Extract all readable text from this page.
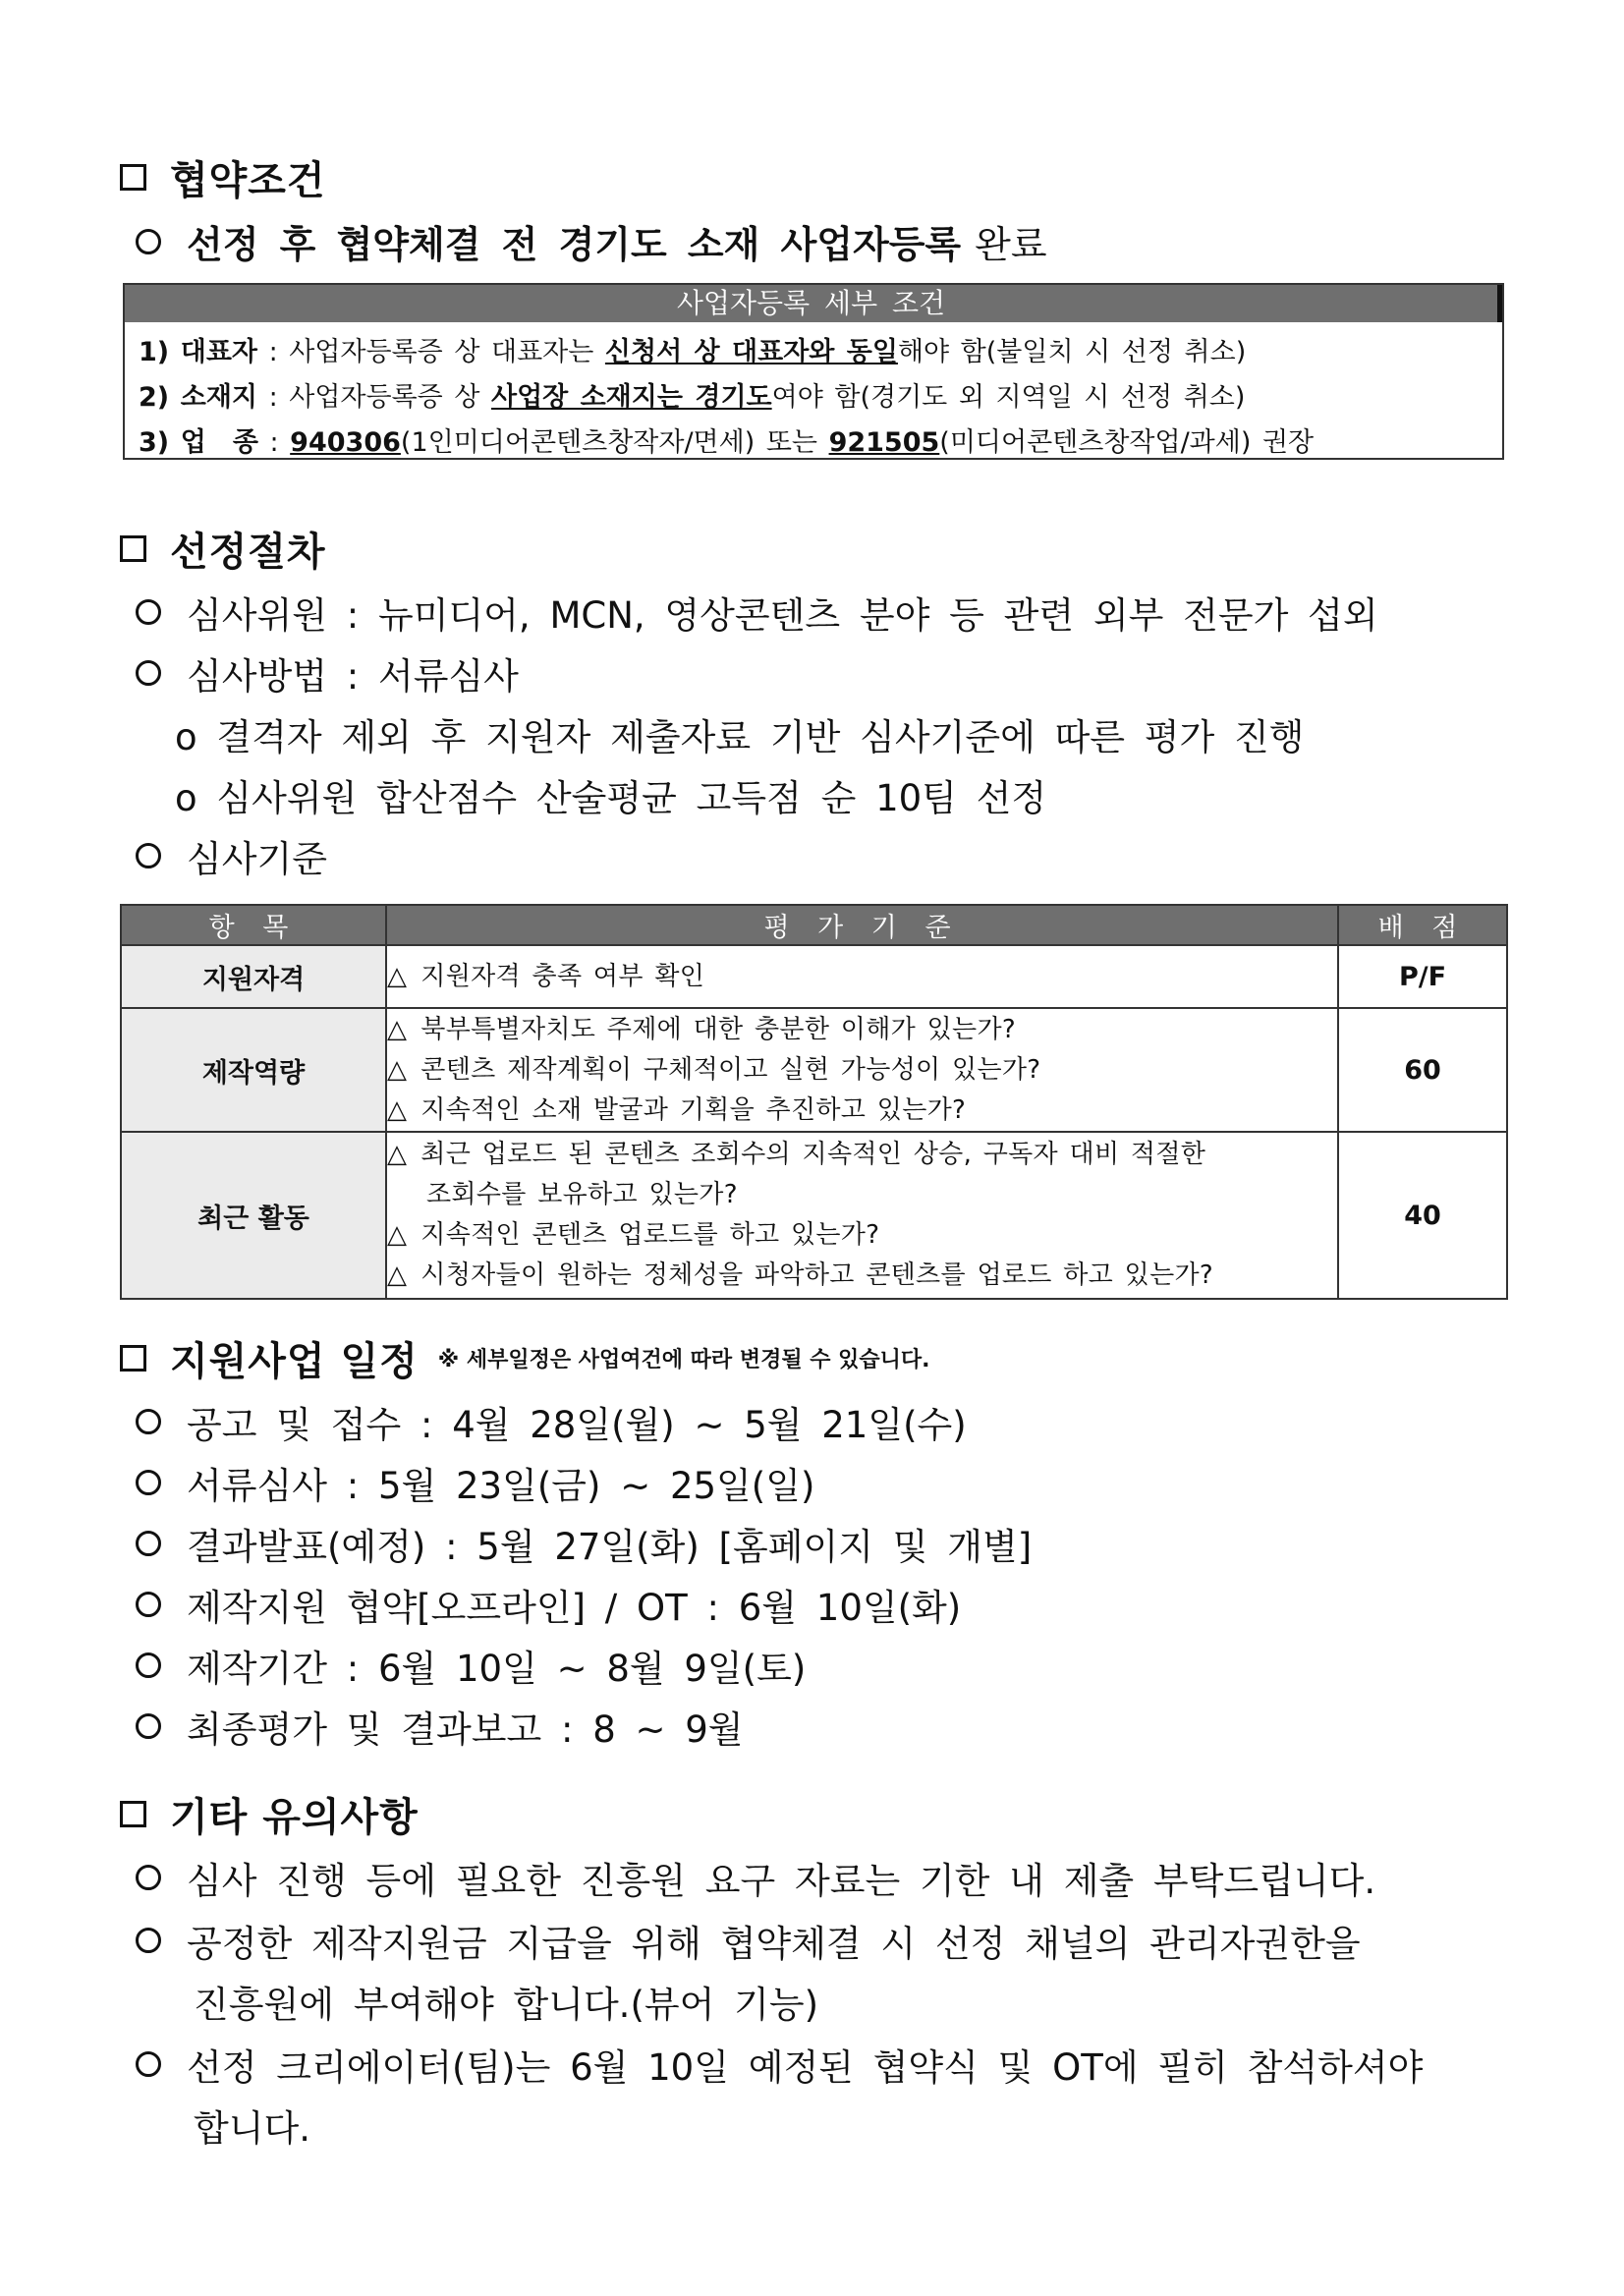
협약조건
선정 후 협약체결 전 경기도 소재 사업자등록 완료
사업자등록 세부 조건
1) 대표자 : 사업자등록증 상 대표자는 신청서 상 대표자와 동일해야 함(불일치 시 선정 취소)
2) 소재지 : 사업자등록증 상 사업장 소재지는 경기도여야 함(경기도 외 지역일 시 선정 취소)
3) 업　종 : 940306(1인미디어콘텐츠창작자/면세) 또는 921505(미디어콘텐츠창작업/과세) 권장
선정절차
심사위원 : 뉴미디어, MCN, 영상콘텐츠 분야 등 관련 외부 전문가 섭외
심사방법 : 서류심사
o 결격자 제외 후 지원자 제출자료 기반 심사기준에 따른 평가 진행
o 심사위원 합산점수 산술평균 고득점 순 10팀 선정
심사기준
항 목	평 가 기 준	배 점
지원자격	△ 지원자격 충족 여부 확인	P/F
제작역량	△ 북부특별자치도 주제에 대한 충분한 이해가 있는가?
△ 콘텐츠 제작계획이 구체적이고 실현 가능성이 있는가?
△ 지속적인 소재 발굴과 기획을 추진하고 있는가?	60
최근 활동	△ 최근 업로드 된 콘텐츠 조회수의 지속적인 상승, 구독자 대비 적절한
조회수를 보유하고 있는가?
△ 지속적인 콘텐츠 업로드를 하고 있는가?
△ 시청자들이 원하는 정체성을 파악하고 콘텐츠를 업로드 하고 있는가?	40
지원사업 일정 ※ 세부일정은 사업여건에 따라 변경될 수 있습니다.
공고 및 접수 : 4월 28일(월) ~ 5월 21일(수)
서류심사 : 5월 23일(금) ~ 25일(일)
결과발표(예정) : 5월 27일(화) [홈페이지 및 개별]
제작지원 협약[오프라인] / OT : 6월 10일(화)
제작기간 : 6월 10일 ~ 8월 9일(토)
최종평가 및 결과보고 : 8 ~ 9월
기타 유의사항
심사 진행 등에 필요한 진흥원 요구 자료는 기한 내 제출 부탁드립니다.
공정한 제작지원금 지급을 위해 협약체결 시 선정 채널의 관리자권한을
진흥원에 부여해야 합니다.(뷰어 기능)
선정 크리에이터(팀)는 6월 10일 예정된 협약식 및 OT에 필히 참석하셔야
합니다.
